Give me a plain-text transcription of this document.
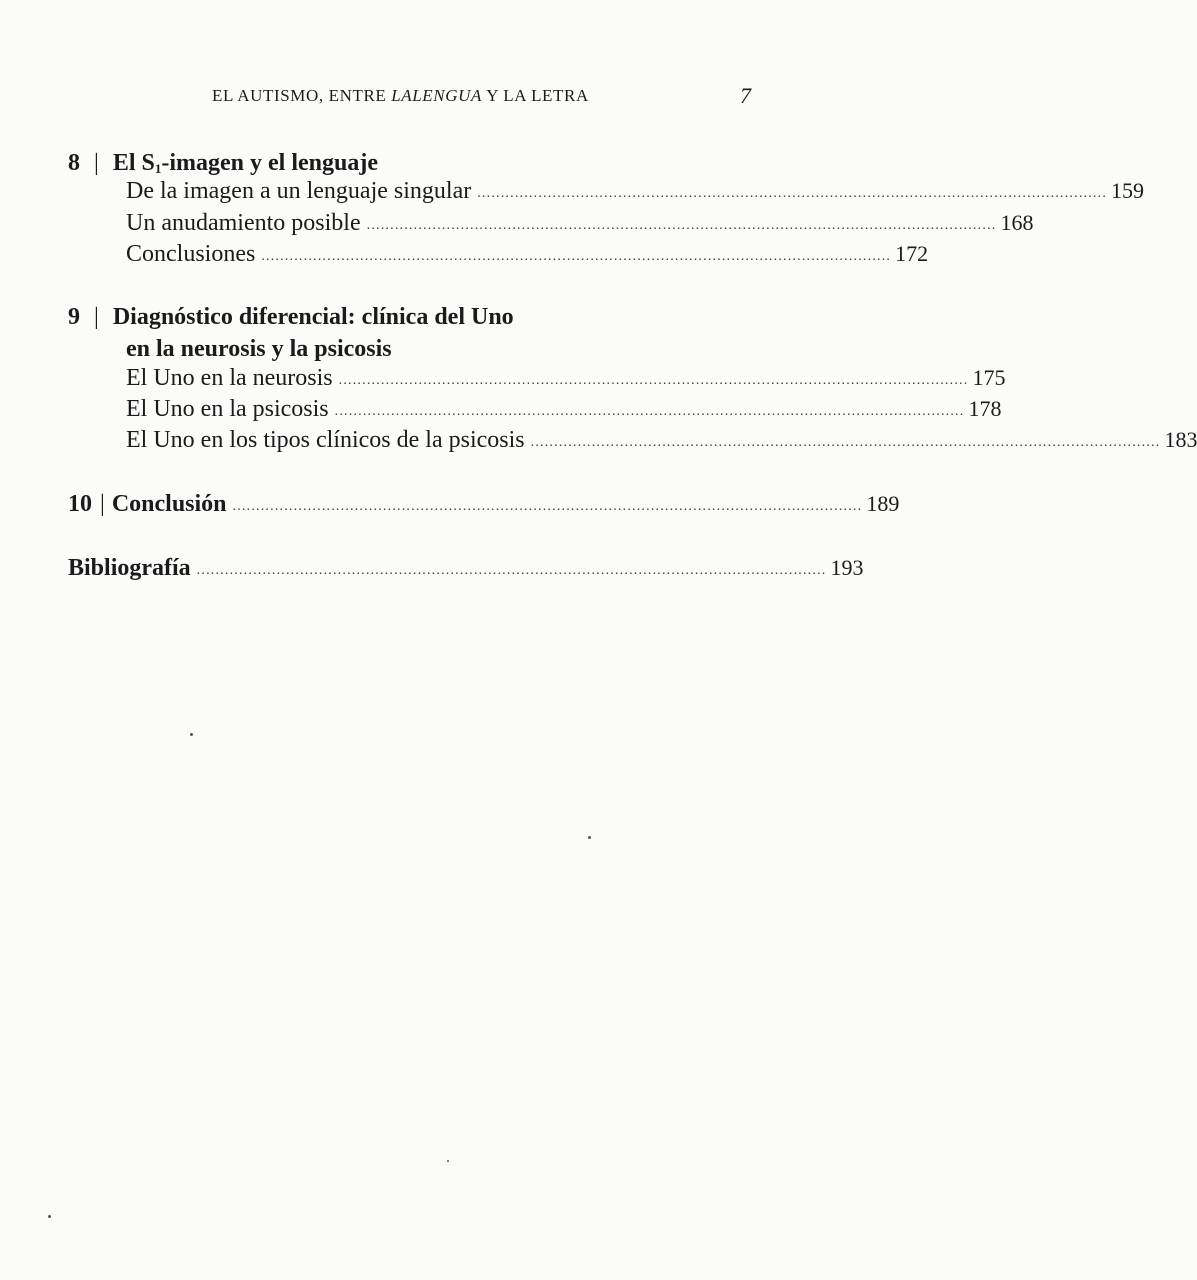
EL AUTISMO, ENTRE LALENGUA Y LA LETRA	7
8 | El $S_1$-imagen y el lenguaje
De la imagen a un lenguaje singular ...................................................................................................................................... 159
Un anudamiento posible ...................................................................................................................................... 168
Conclusiones ...................................................................................................................................... 172
9 | Diagnóstico diferencial: clínica del Uno
en la neurosis y la psicosis
El Uno en la neurosis ...................................................................................................................................... 175
El Uno en la psicosis ...................................................................................................................................... 178
El Uno en los tipos clínicos de la psicosis ...................................................................................................................................... 183
10 | Conclusión ...................................................................................................................................... 189
Bibliografía ...................................................................................................................................... 193
